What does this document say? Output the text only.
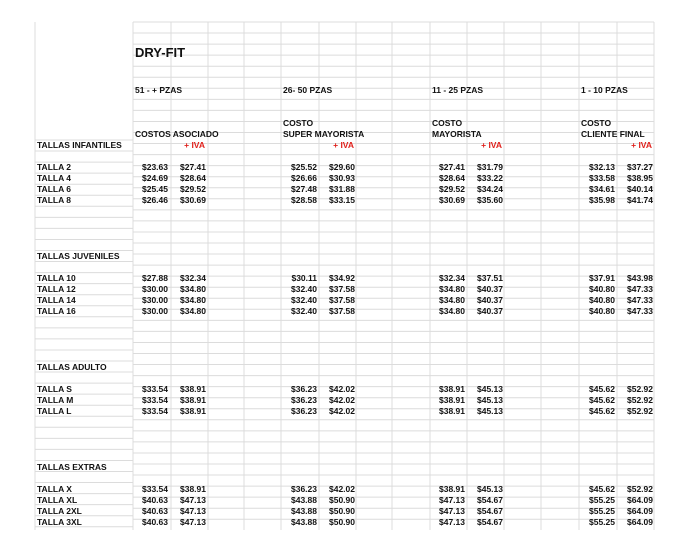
DRY-FIT
51 - + PZAS	26- 50 PZAS	11 - 25 PZAS	1 - 10 PZAS
COSTO	COSTO	COSTO
COSTOS ASOCIADO	SUPER MAYORISTA	MAYORISTA	CLIENTE FINAL
+ IVA	+ IVA	+ IVA	+ IVA
TALLAS INFANTILES
TALLA 2	$23.63	$27.41	$25.52	$29.60	$27.41	$31.79	$32.13	$37.27
TALLA 4	$24.69	$28.64	$26.66	$30.93	$28.64	$33.22	$33.58	$38.95
TALLA 6	$25.45	$29.52	$27.48	$31.88	$29.52	$34.24	$34.61	$40.14
TALLA 8	$26.46	$30.69	$28.58	$33.15	$30.69	$35.60	$35.98	$41.74
TALLAS JUVENILES
TALLA 10	$27.88	$32.34	$30.11	$34.92	$32.34	$37.51	$37.91	$43.98
TALLA 12	$30.00	$34.80	$32.40	$37.58	$34.80	$40.37	$40.80	$47.33
TALLA 14	$30.00	$34.80	$32.40	$37.58	$34.80	$40.37	$40.80	$47.33
TALLA 16	$30.00	$34.80	$32.40	$37.58	$34.80	$40.37	$40.80	$47.33
TALLAS ADULTO
TALLA S	$33.54	$38.91	$36.23	$42.02	$38.91	$45.13	$45.62	$52.92
TALLA M	$33.54	$38.91	$36.23	$42.02	$38.91	$45.13	$45.62	$52.92
TALLA L	$33.54	$38.91	$36.23	$42.02	$38.91	$45.13	$45.62	$52.92
TALLAS EXTRAS
TALLA X	$33.54	$38.91	$36.23	$42.02	$38.91	$45.13	$45.62	$52.92
TALLA XL	$40.63	$47.13	$43.88	$50.90	$47.13	$54.67	$55.25	$64.09
TALLA 2XL	$40.63	$47.13	$43.88	$50.90	$47.13	$54.67	$55.25	$64.09
TALLA 3XL	$40.63	$47.13	$43.88	$50.90	$47.13	$54.67	$55.25	$64.09
